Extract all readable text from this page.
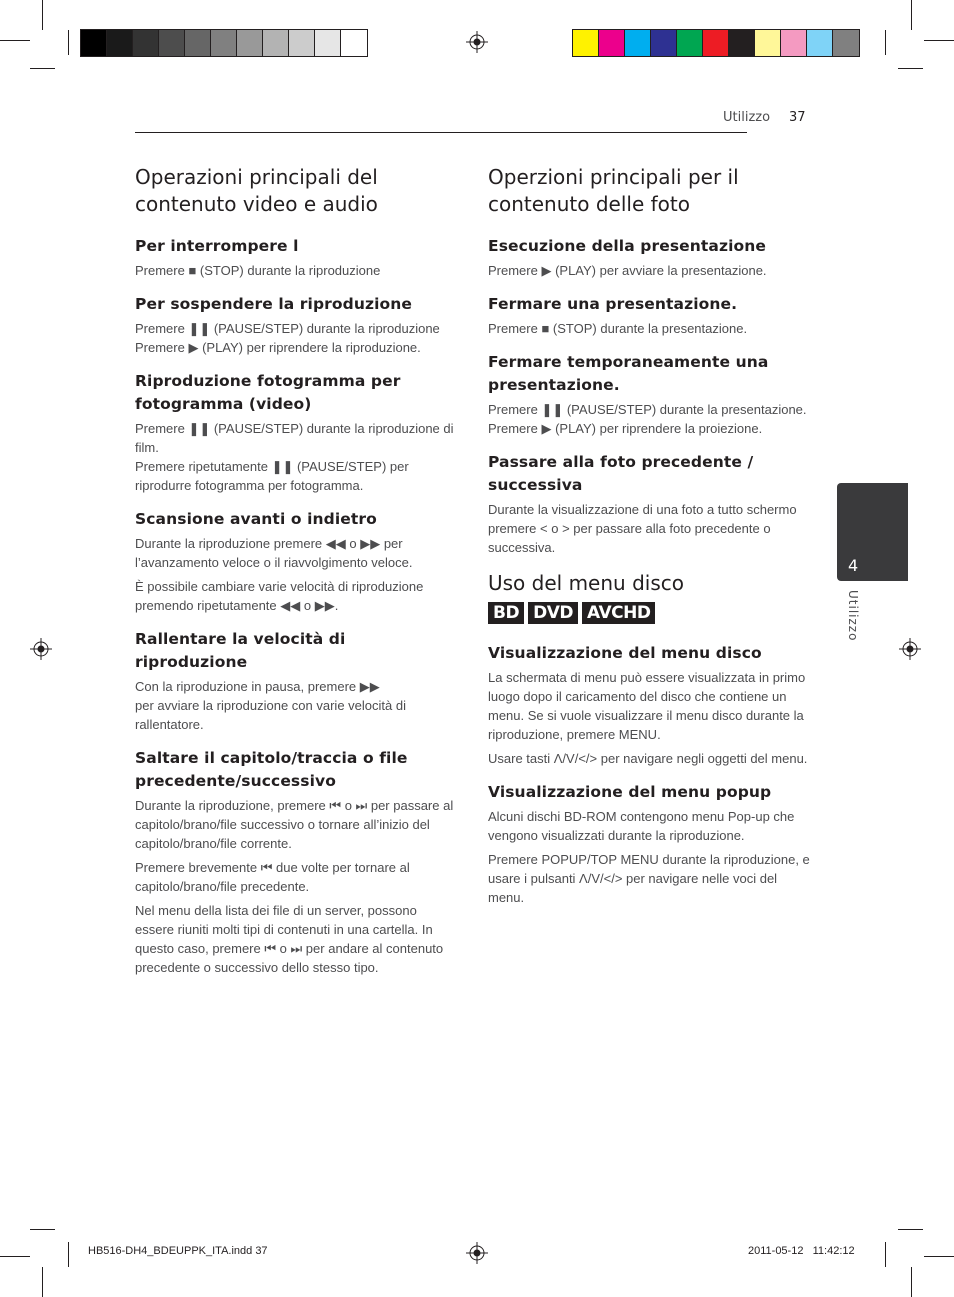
Utilizzo 37
4
Utilizzo
Operazioni principali del contenuto video e audio
Per interrompere l

Premere ■ (STOP) durante la riproduzione

Per sospendere la riproduzione

Premere ❚❚ (PAUSE/STEP) durante la riproduzione
Premere ▶ (PLAY) per riprendere la riproduzione.

Riproduzione fotogramma per fotogramma (video)

Premere ❚❚ (PAUSE/STEP) durante la riproduzione di film.
Premere ripetutamente ❚❚ (PAUSE/STEP) per riprodurre fotogramma per fotogramma.

Scansione avanti o indietro

Durante la riproduzione premere ◀◀ o ▶▶ per l’avanzamento veloce o il riavvolgimento veloce.

È possibile cambiare varie velocità di riproduzione premendo ripetutamente ◀◀ o ▶▶.

Rallentare la velocità di riproduzione

Con la riproduzione in pausa, premere ▶▶
per avviare la riproduzione con varie velocità di rallentatore.

Saltare il capitolo/traccia o file precedente/successivo

Durante la riproduzione, premere ⏮ o ⏭ per passare al capitolo/brano/file successivo o tornare all’inizio del capitolo/brano/file corrente.

Premere brevemente ⏮ due volte per tornare al capitolo/brano/file precedente.

Nel menu della lista dei file di un server, possono essere riuniti molti tipi di contenuti in una cartella. In questo caso, premere ⏮ o ⏭ per andare al contenuto precedente o successivo dello stesso tipo.

Operzioni principali per il contenuto delle foto
Esecuzione della presentazione

Premere ▶ (PLAY) per avviare la presentazione.

Fermare una presentazione.

Premere ■ (STOP) durante la presentazione.

Fermare temporaneamente una presentazione.

Premere ❚❚ (PAUSE/STEP) durante la presentazione.
Premere ▶ (PLAY) per riprendere la proiezione.

Passare alla foto precedente / successiva

Durante la visualizzazione di una foto a tutto schermo premere < o > per passare alla foto precedente o successiva.

Uso del menu disco
BD DVD AVCHD
Visualizzazione del menu disco

La schermata di menu può essere visualizzata in primo luogo dopo il caricamento del disco che contiene un menu. Se si vuole visualizzare il menu disco durante la riproduzione, premere MENU.

Usare tasti Λ/V/</> per navigare negli oggetti del menu.

Visualizzazione del menu popup

Alcuni dischi BD-ROM contengono menu Pop-up che vengono visualizzati durante la riproduzione.

Premere POPUP/TOP MENU durante la riproduzione, e usare i pulsanti Λ/V/</> per navigare nelle voci del menu.

HB516-DH4_BDEUPPK_ITA.indd 37	2011-05-12   11:42:12
